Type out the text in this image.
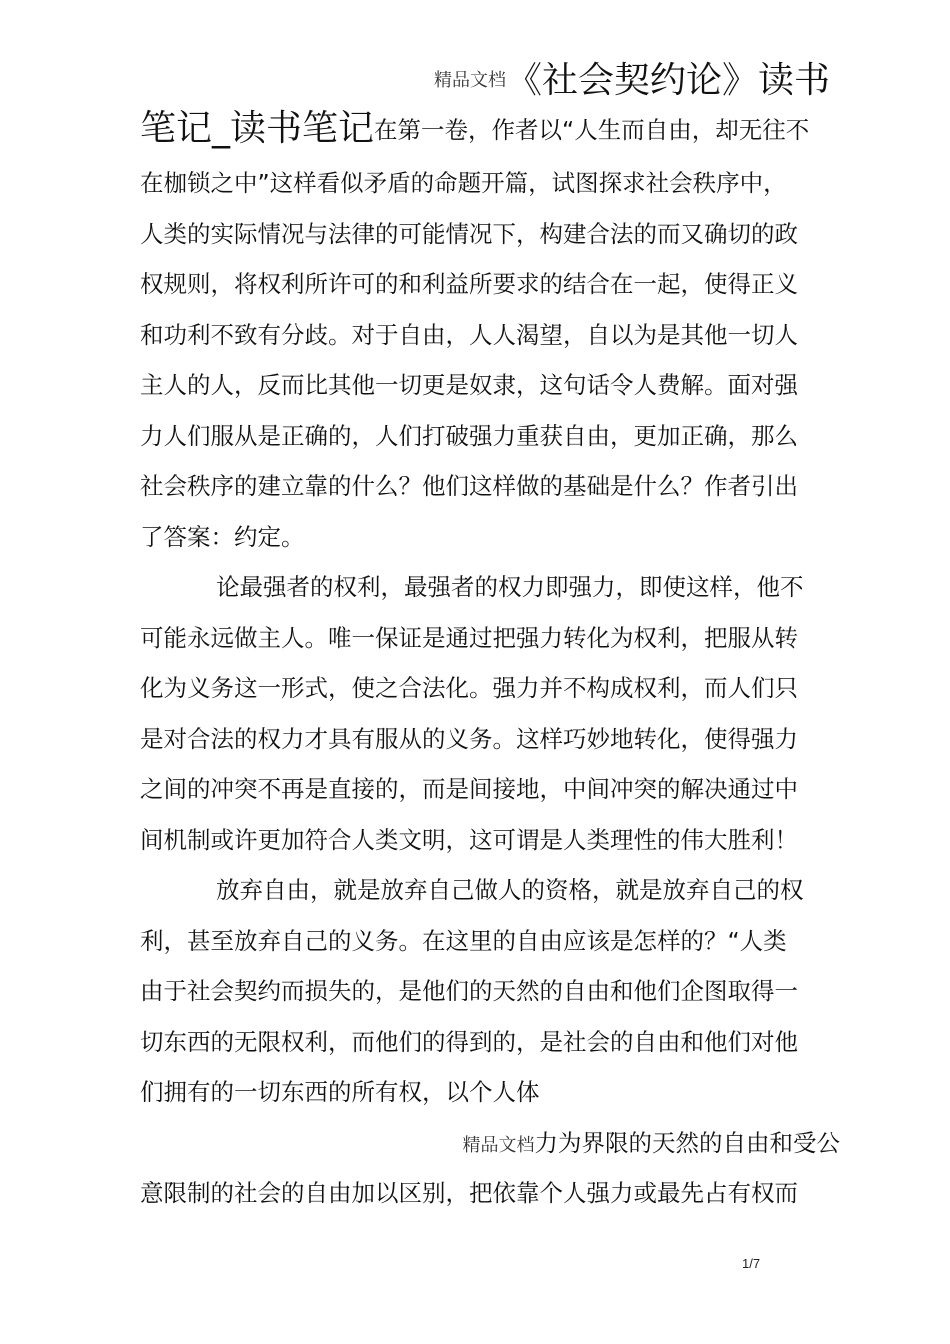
精品文档《社会契约论》读书
笔记_读书笔记在第一卷，作者以“人生而自由，却无往不
在枷锁之中”这样看似矛盾的命题开篇，试图探求社会秩序中，
人类的实际情况与法律的可能情况下，构建合法的而又确切的政
权规则，将权利所许可的和利益所要求的结合在一起，使得正义
和功利不致有分歧。对于自由，人人渴望，自以为是其他一切人
主人的人，反而比其他一切更是奴隶，这句话令人费解。面对强
力人们服从是正确的，人们打破强力重获自由，更加正确，那么
社会秩序的建立靠的什么？他们这样做的基础是什么？作者引出
了答案：约定。
论最强者的权利，最强者的权力即强力，即使这样，他不
可能永远做主人。唯一保证是通过把强力转化为权利，把服从转
化为义务这一形式，使之合法化。强力并不构成权利，而人们只
是对合法的权力才具有服从的义务。这样巧妙地转化，使得强力
之间的冲突不再是直接的，而是间接地，中间冲突的解决通过中
间机制或许更加符合人类文明，这可谓是人类理性的伟大胜利！
放弃自由，就是放弃自己做人的资格，就是放弃自己的权
利，甚至放弃自己的义务。在这里的自由应该是怎样的？“人类
由于社会契约而损失的，是他们的天然的自由和他们企图取得一
切东西的无限权利，而他们的得到的，是社会的自由和他们对他
们拥有的一切东西的所有权，以个人体
精品文档力为界限的天然的自由和受公
意限制的社会的自由加以区别，把依靠个人强力或最先占有权而
1/7
